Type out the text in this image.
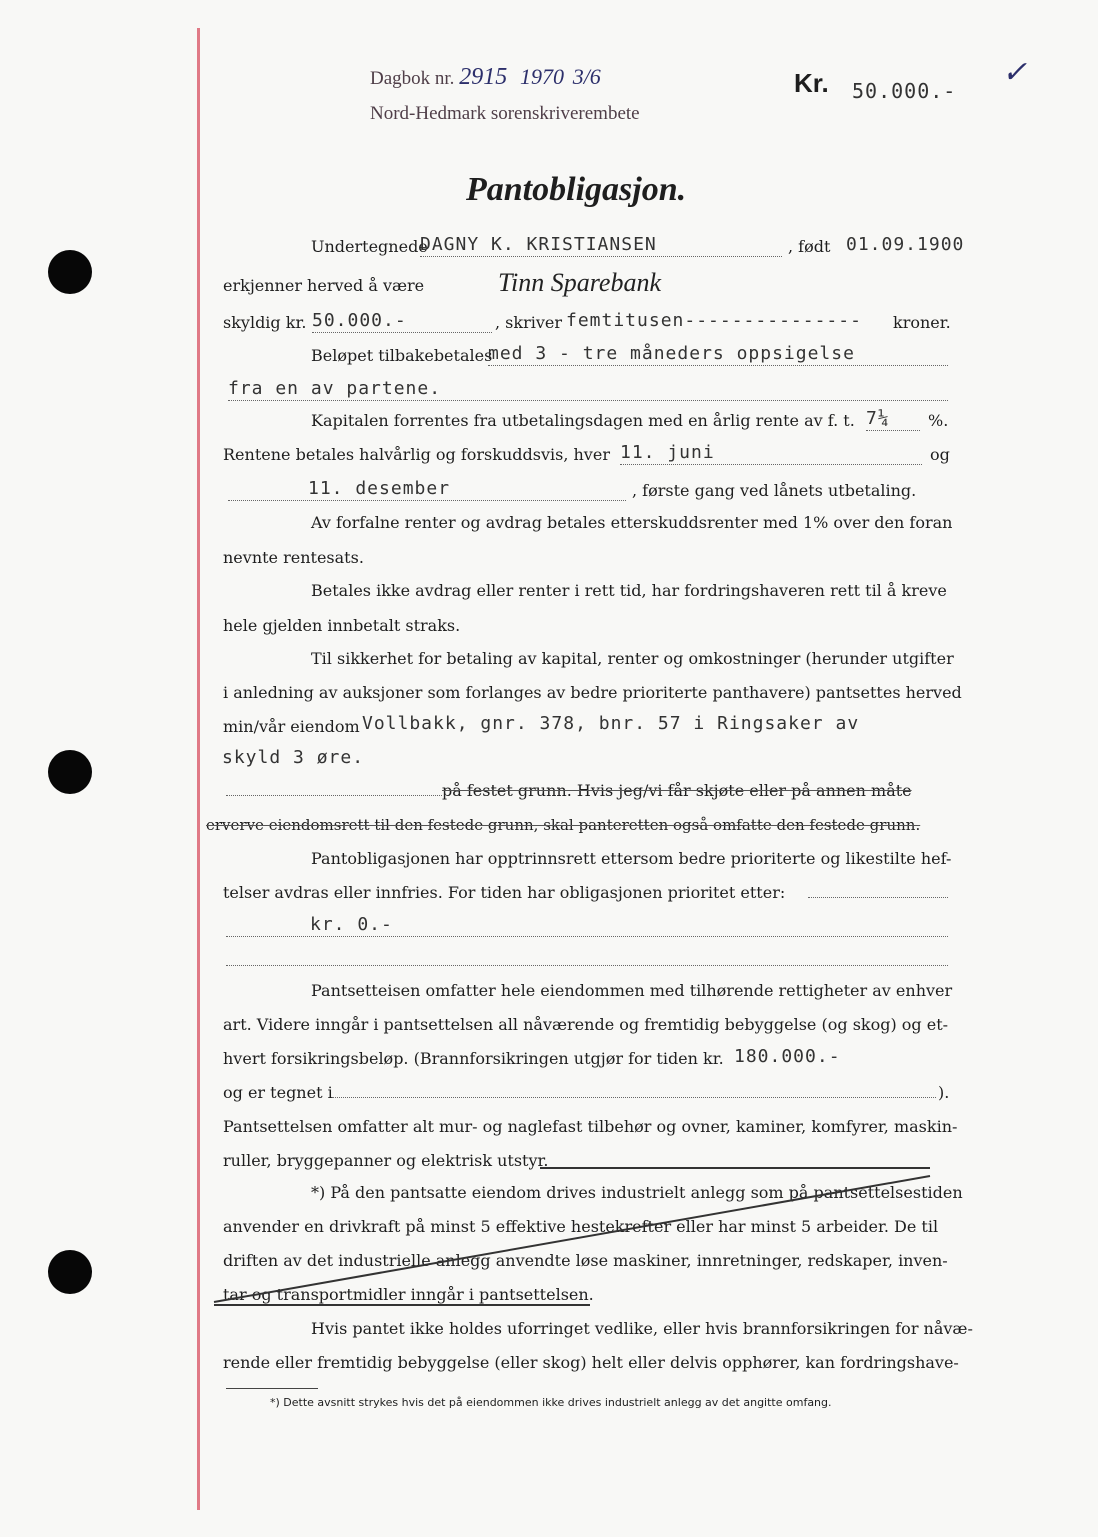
Dagbok nr. 2915 1970 3/6
Nord-Hedmark sorenskriverembete
Kr. 50.000.-
✓
Pantobligasjon.
Undertegnede
DAGNY K. KRISTIANSEN	, født 01.09.1900
erkjenner herved å være	Tinn Sparebank
skyldig kr. 50.000.-	, skriver femtitusen--------------- kroner.
Beløpet tilbakebetales
med 3 - tre måneders oppsigelse
fra en av partene.
Kapitalen forrentes fra utbetalingsdagen med en årlig rente av f. t. 7¼	%.
Rentene betales halvårlig og forskuddsvis, hver 11. juni	og
11. desember	, første gang ved lånets utbetaling.
Av forfalne renter og avdrag betales etterskuddsrenter med 1% over den foran
nevnte rentesats.
Betales ikke avdrag eller renter i rett tid, har fordringshaveren rett til å kreve
hele gjelden innbetalt straks.
Til sikkerhet for betaling av kapital, renter og omkostninger (herunder utgifter
i anledning av auksjoner som forlanges av bedre prioriterte panthavere) pantsettes herved
min/vår eiendom Vollbakk, gnr. 378, bnr. 57 i Ringsaker av
skyld 3 øre.
på festet grunn. Hvis jeg/vi får skjøte eller på annen måte
erverve eiendomsrett til den festede grunn, skal panteretten også omfatte den festede grunn.
Pantobligasjonen har opptrinnsrett ettersom bedre prioriterte og likestilte hef-
telser avdras eller innfries. For tiden har obligasjonen prioritet etter:
kr. 0.-
Pantsetteisen omfatter hele eiendommen med tilhørende rettigheter av enhver
art. Videre inngår i pantsettelsen all nåværende og fremtidig bebyggelse (og skog) og et-
hvert forsikringsbeløp. (Brannforsikringen utgjør for tiden kr. 180.000.-
og er tegnet i	).
Pantsettelsen omfatter alt mur- og naglefast tilbehør og ovner, kaminer, komfyrer, maskin-
ruller, bryggepanner og elektrisk utstyr.
*) På den pantsatte eiendom drives industrielt anlegg som på pantsettelsestiden
anvender en drivkraft på minst 5 effektive hestekrefter eller har minst 5 arbeider. De til
driften av det industrielle anlegg anvendte løse maskiner, innretninger, redskaper, inven-
tar og transportmidler inngår i pantsettelsen.
Hvis pantet ikke holdes uforringet vedlike, eller hvis brannforsikringen for nåvæ-
rende eller fremtidig bebyggelse (eller skog) helt eller delvis opphører, kan fordringshave-
*) Dette avsnitt strykes hvis det på eiendommen ikke drives industrielt anlegg av det angitte omfang.
